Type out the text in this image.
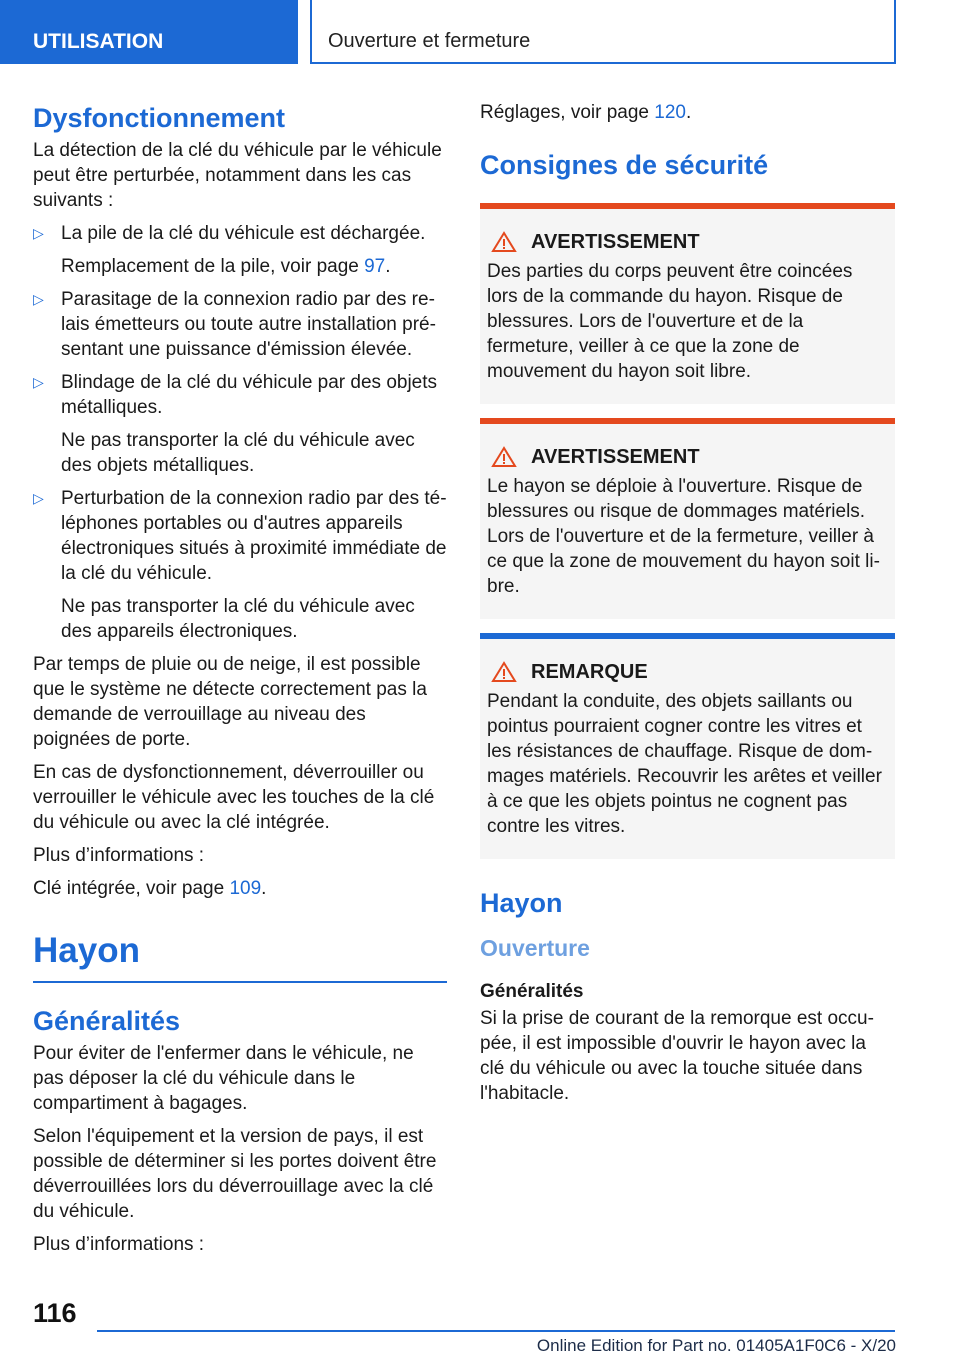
UTILISATION	Ouverture et fermeture
Dysfonctionnement

La détection de la clé du véhicule par le véhicule peut être perturbée, notamment dans les cas suivants :

▷ La pile de la clé du véhicule est déchargée.

Remplacement de la pile, voir page 97.

▷ Parasitage de la connexion radio par des relais émetteurs ou toute autre installation présentant une puissance d'émission élevée.

▷ Blindage de la clé du véhicule par des objets métalliques.

Ne pas transporter la clé du véhicule avec des objets métalliques.

▷ Perturbation de la connexion radio par des téléphones portables ou d'autres appareils électroniques situés à proximité immédiate de la clé du véhicule.

Ne pas transporter la clé du véhicule avec des appareils électroniques.

Par temps de pluie ou de neige, il est possible que le système ne détecte correctement pas la demande de verrouillage au niveau des poignées de porte.

En cas de dysfonctionnement, déverrouiller ou verrouiller le véhicule avec les touches de la clé du véhicule ou avec la clé intégrée.

Plus d’informations :

Clé intégrée, voir page 109.

Hayon
Généralités

Pour éviter de l'enfermer dans le véhicule, ne pas déposer la clé du véhicule dans le compartiment à bagages.

Selon l'équipement et la version de pays, il est possible de déterminer si les portes doivent être déverrouillées lors du déverrouillage avec la clé du véhicule.

Plus d’informations :

Réglages, voir page 120.

Consignes de sécurité
AVERTISSEMENT

Des parties du corps peuvent être coincées lors de la commande du hayon. Risque de blessures. Lors de l'ouverture et de la fermeture, veiller à ce que la zone de mouvement du hayon soit libre.

AVERTISSEMENT

Le hayon se déploie à l'ouverture. Risque de blessures ou risque de dommages matériels. Lors de l'ouverture et de la fermeture, veiller à ce que la zone de mouvement du hayon soit libre.

REMARQUE

Pendant la conduite, des objets saillants ou pointus pourraient cogner contre les vitres et les résistances de chauffage. Risque de dommages matériels. Recouvrir les arêtes et veiller à ce que les objets pointus ne cognent pas contre les vitres.

Hayon
Ouverture
Généralités

Si la prise de courant de la remorque est occupée, il est impossible d'ouvrir le hayon avec la clé du véhicule ou avec la touche située dans l'habitacle.

116
Online Edition for Part no. 01405A1F0C6 - X/20
